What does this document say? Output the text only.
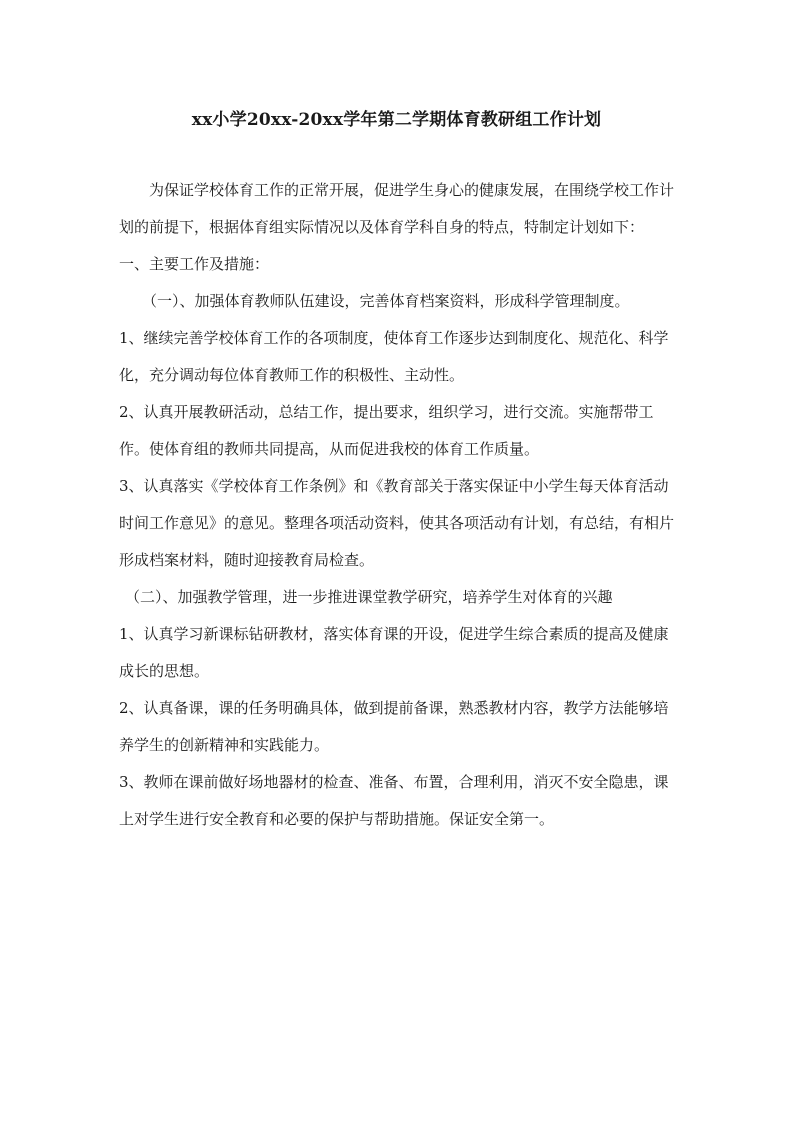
xx小学20xx-20xx学年第二学期体育教研组工作计划

为保证学校体育工作的正常开展，促进学生身心的健康发展，在围绕学校工作计划的前提下，根据体育组实际情况以及体育学科自身的特点，特制定计划如下：

一、主要工作及措施：

（一）、加强体育教师队伍建设，完善体育档案资料，形成科学管理制度。

1、继续完善学校体育工作的各项制度，使体育工作逐步达到制度化、规范化、科学化，充分调动每位体育教师工作的积极性、主动性。

2、认真开展教研活动，总结工作，提出要求，组织学习，进行交流。实施帮带工作。使体育组的教师共同提高，从而促进我校的体育工作质量。

3、认真落实《学校体育工作条例》和《教育部关于落实保证中小学生每天体育活动时间工作意见》的意见。整理各项活动资料，使其各项活动有计划，有总结，有相片形成档案材料，随时迎接教育局检查。

（二）、加强教学管理，进一步推进课堂教学研究，培养学生对体育的兴趣

1、认真学习新课标钻研教材，落实体育课的开设，促进学生综合素质的提高及健康成长的思想。

2、认真备课，课的任务明确具体，做到提前备课，熟悉教材内容，教学方法能够培养学生的创新精神和实践能力。

3、教师在课前做好场地器材的检查、准备、布置，合理利用，消灭不安全隐患，课上对学生进行安全教育和必要的保护与帮助措施。保证安全第一。
